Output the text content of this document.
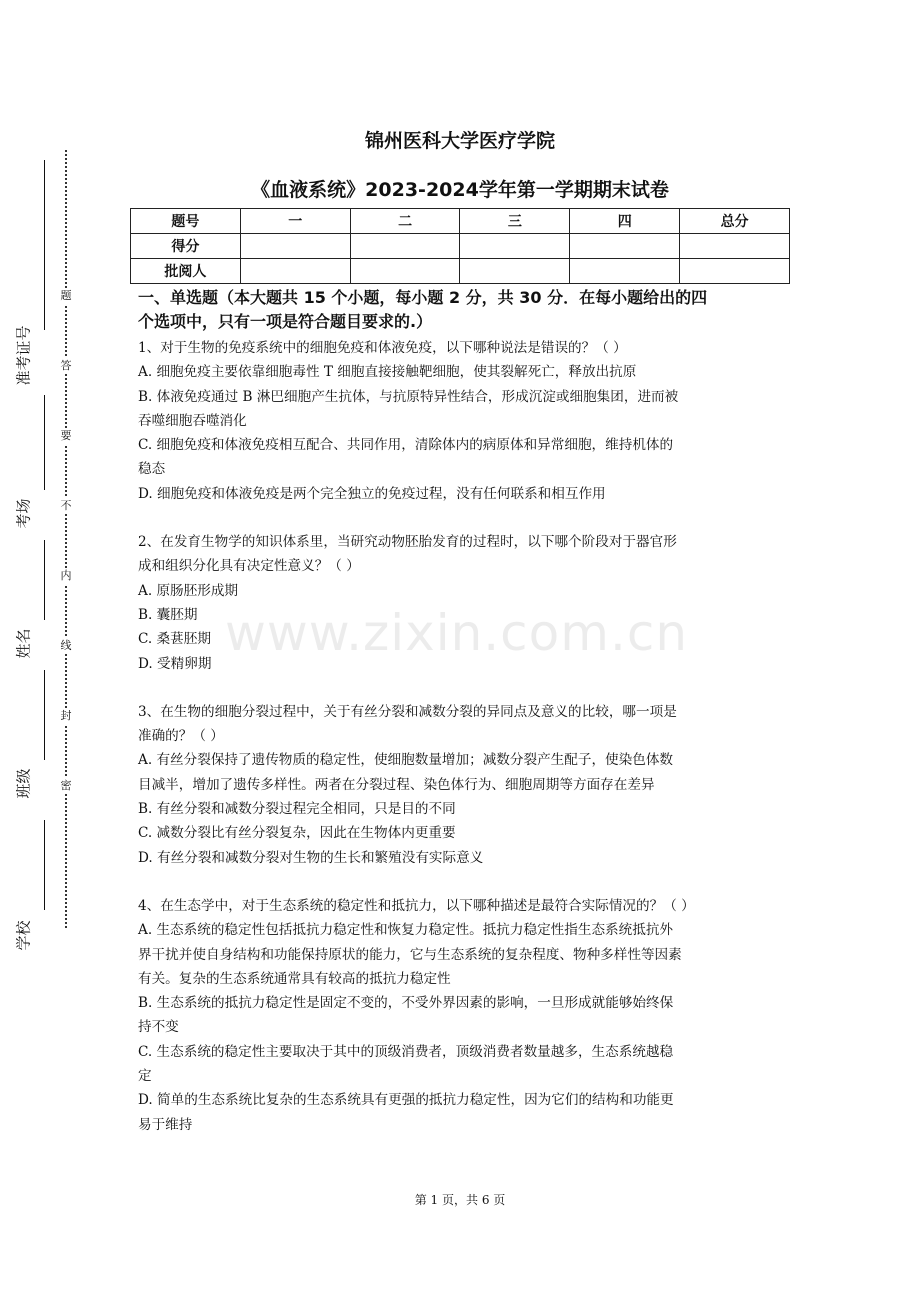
题
答
要
不
内
线
封
密
准考证号
考场
姓名
班级
学校
锦州医科大学医疗学院
《血液系统》2023-2024学年第一学期期末试卷
题号	一	二	三	四	总分
得分					
批阅人					
www.zixin.com.cn
一、单选题（本大题共 15 个小题，每小题 2 分，共 30 分．在每小题给出的四
个选项中，只有一项是符合题目要求的.）
1、对于生物的免疫系统中的细胞免疫和体液免疫，以下哪种说法是错误的？（ ）
A. 细胞免疫主要依靠细胞毒性 T 细胞直接接触靶细胞，使其裂解死亡，释放出抗原
B. 体液免疫通过 B 淋巴细胞产生抗体，与抗原特异性结合，形成沉淀或细胞集团，进而被
吞噬细胞吞噬消化
C. 细胞免疫和体液免疫相互配合、共同作用，清除体内的病原体和异常细胞，维持机体的
稳态
D. 细胞免疫和体液免疫是两个完全独立的免疫过程，没有任何联系和相互作用
2、在发育生物学的知识体系里，当研究动物胚胎发育的过程时，以下哪个阶段对于器官形
成和组织分化具有决定性意义？（ ）
A. 原肠胚形成期
B. 囊胚期
C. 桑葚胚期
D. 受精卵期
3、在生物的细胞分裂过程中，关于有丝分裂和减数分裂的异同点及意义的比较，哪一项是
准确的？（ ）
A. 有丝分裂保持了遗传物质的稳定性，使细胞数量增加；减数分裂产生配子，使染色体数
目减半，增加了遗传多样性。两者在分裂过程、染色体行为、细胞周期等方面存在差异
B. 有丝分裂和减数分裂过程完全相同，只是目的不同
C. 减数分裂比有丝分裂复杂，因此在生物体内更重要
D. 有丝分裂和减数分裂对生物的生长和繁殖没有实际意义
4、在生态学中，对于生态系统的稳定性和抵抗力，以下哪种描述是最符合实际情况的？（ ）
A. 生态系统的稳定性包括抵抗力稳定性和恢复力稳定性。抵抗力稳定性指生态系统抵抗外
界干扰并使自身结构和功能保持原状的能力，它与生态系统的复杂程度、物种多样性等因素
有关。复杂的生态系统通常具有较高的抵抗力稳定性
B. 生态系统的抵抗力稳定性是固定不变的，不受外界因素的影响，一旦形成就能够始终保
持不变
C. 生态系统的稳定性主要取决于其中的顶级消费者，顶级消费者数量越多，生态系统越稳
定
D. 简单的生态系统比复杂的生态系统具有更强的抵抗力稳定性，因为它们的结构和功能更
易于维持
第 1 页，共 6 页
